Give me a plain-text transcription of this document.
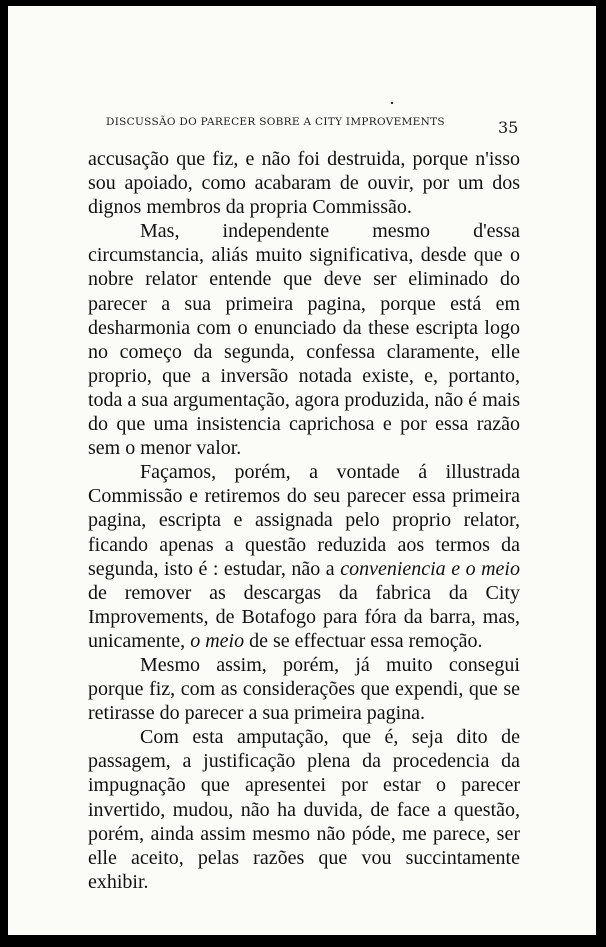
DISCUSSÃO DO PARECER SOBRE A CITY IMPROVEMENTS	35

accusação que fiz, e não foi destruida, porque n'isso sou apoiado, como acabaram de ouvir, por um dos dignos membros da propria Commissão.

Mas, independente mesmo d'essa circumstancia, aliás muito significativa, desde que o nobre relator entende que deve ser eliminado do parecer a sua primeira pagina, porque está em desharmonia com o enunciado da these escripta logo no começo da segunda, confessa claramente, elle proprio, que a inversão notada existe, e, portanto, toda a sua argumentação, agora produzida, não é mais do que uma insistencia caprichosa e por essa razão sem o menor valor.

Façamos, porém, a vontade á illustrada Commissão e retiremos do seu parecer essa primeira pagina, escripta e assignada pelo proprio relator, ficando apenas a questão reduzida aos termos da segunda, isto é : estudar, não a conveniencia e o meio de remover as descargas da fabrica da City Improvements, de Botafogo para fóra da barra, mas, unicamente, o meio de se effectuar essa remoção.

Mesmo assim, porém, já muito consegui porque fiz, com as considerações que expendi, que se retirasse do parecer a sua primeira pagina.

Com esta amputação, que é, seja dito de passagem, a justificação plena da procedencia da impugnação que apresentei por estar o parecer invertido, mudou, não ha duvida, de face a questão, porém, ainda assim mesmo não póde, me parece, ser elle aceito, pelas razões que vou succintamente exhibir.
